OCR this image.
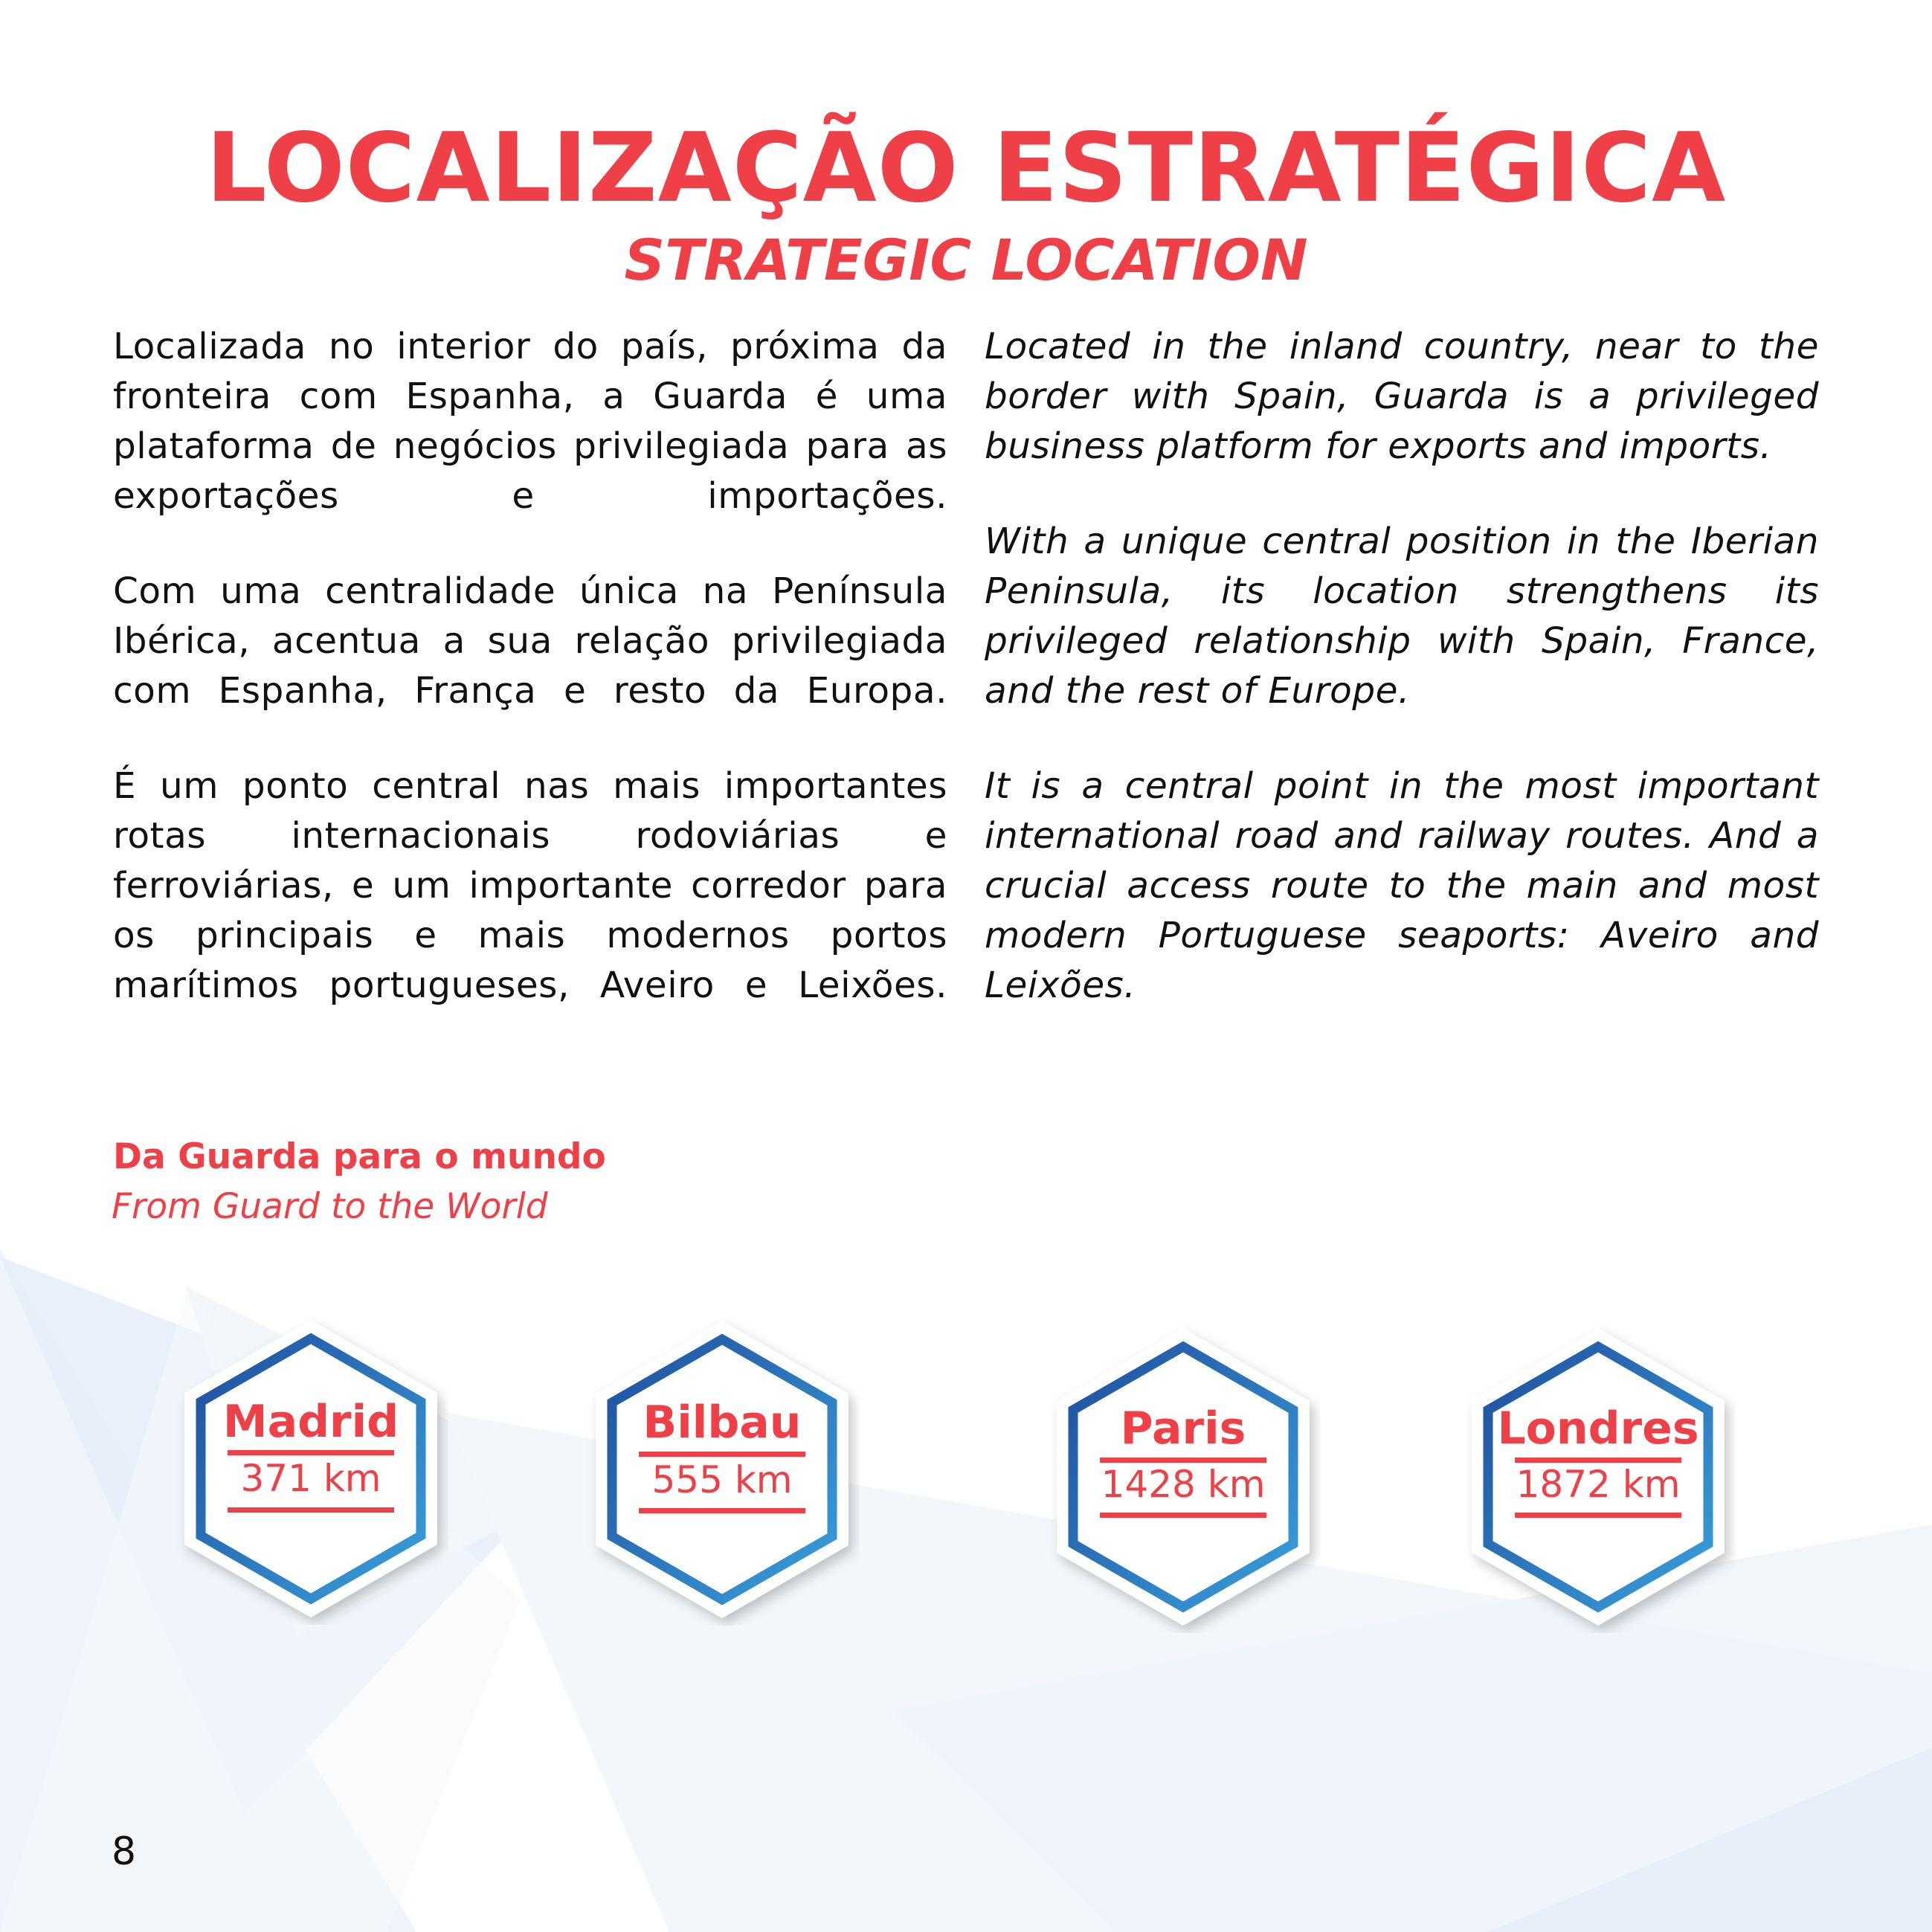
LOCALIZAÇÃO ESTRATÉGICA
STRATEGIC LOCATION

Localizada no interior do país, próxima da fronteira com Espanha, a Guarda é uma plataforma de negócios privilegiada para as exportações e importações.

Com uma centralidade única na Península Ibérica, acentua a sua relação privilegiada com Espanha, França e resto da Europa.

É um ponto central nas mais importantes rotas internacionais rodoviárias e ferroviárias, e um importante corredor para os principais e mais modernos portos marítimos portugueses, Aveiro e Leixões.

Located in the inland country, near to the border with Spain, Guarda is a privileged business platform for exports and imports.

With a unique central position in the Iberian Peninsula, its location strengthens its privileged relationship with Spain, France, and the rest of Europe.

It is a central point in the most important international road and railway routes. And a crucial access route to the main and most modern Portuguese seaports: Aveiro and Leixões.

Da Guarda para o mundo
From Guard to the World
Madrid
371 km
Bilbau
555 km
Paris
1428 km
Londres
1872 km
8
